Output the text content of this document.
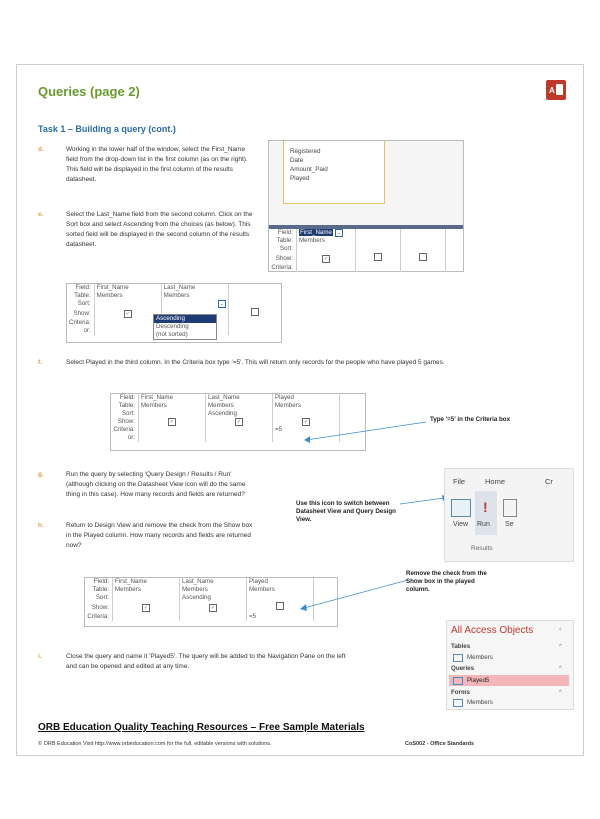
Queries (page 2)	A
Task 1 – Building a query (cont.)
d.	Working in the lower half of the window, select the First_Name field from the drop-down list in the first column (as on the right). This field will be displayed in the first column of the results datasheet.
Registered
Date
Amount_Paid
Played
Field:	First_Name ⌄			
Table:	Members			
Sort:				
Show:	✓			
Criteria:				
e.	Select the Last_Name field from the second column. Click on the Sort box and select Ascending from the choices (as below). This sorted field will be displayed in the second column of the results datasheet.
Field:	First_Name	Last_Name	
Table:	Members	Members	
Sort:		⌄	
Show:	✓		
Criteria:			
or:			
Ascending
Descending
(not sorted)
f.	Select Played in the third column. In the Criteria box type '=5'. This will return only records for the people who have played 5 games.
Field:	First_Name	Last_Name	Played	
Table:	Members	Members	Members	
Sort:		Ascending		
Show:	✓	✓	✓	
Criteria:			=5	
or:				
Type '=5' in the Criteria box
g.	Run the query by selecting 'Query Design / Results / Run' (although clicking on the Datasheet View icon will do the same thing in this case). How many records and fields are returned?
Use this icon to switch between Datasheet View and Query Design View.
File	Home	Cr
View
!
Run Se
Results
h.	Return to Design View and remove the check from the Show box in the Played column. How many records and fields are returned now?
Field:	First_Name	Last_Name	Played	
Table:	Members	Members	Members	
Sort:		Ascending		
Show:	✓	✓		
Criteria:			=5	
Remove the check from the Show box in the played column.
i.	Close the query and name it 'Played5'. The query will be added to the Navigation Pane on the left and can be opened and edited at any time.
All Access Objects	‹
Tables	^
Members
Queries	^
Played5
Forms	^
Members
ORB Education Quality Teaching Resources – Free Sample Materials
© ORB Education Visit http://www.orbeducation.com for the full, editable versions with solutions.	CoS002 - Office Standards
